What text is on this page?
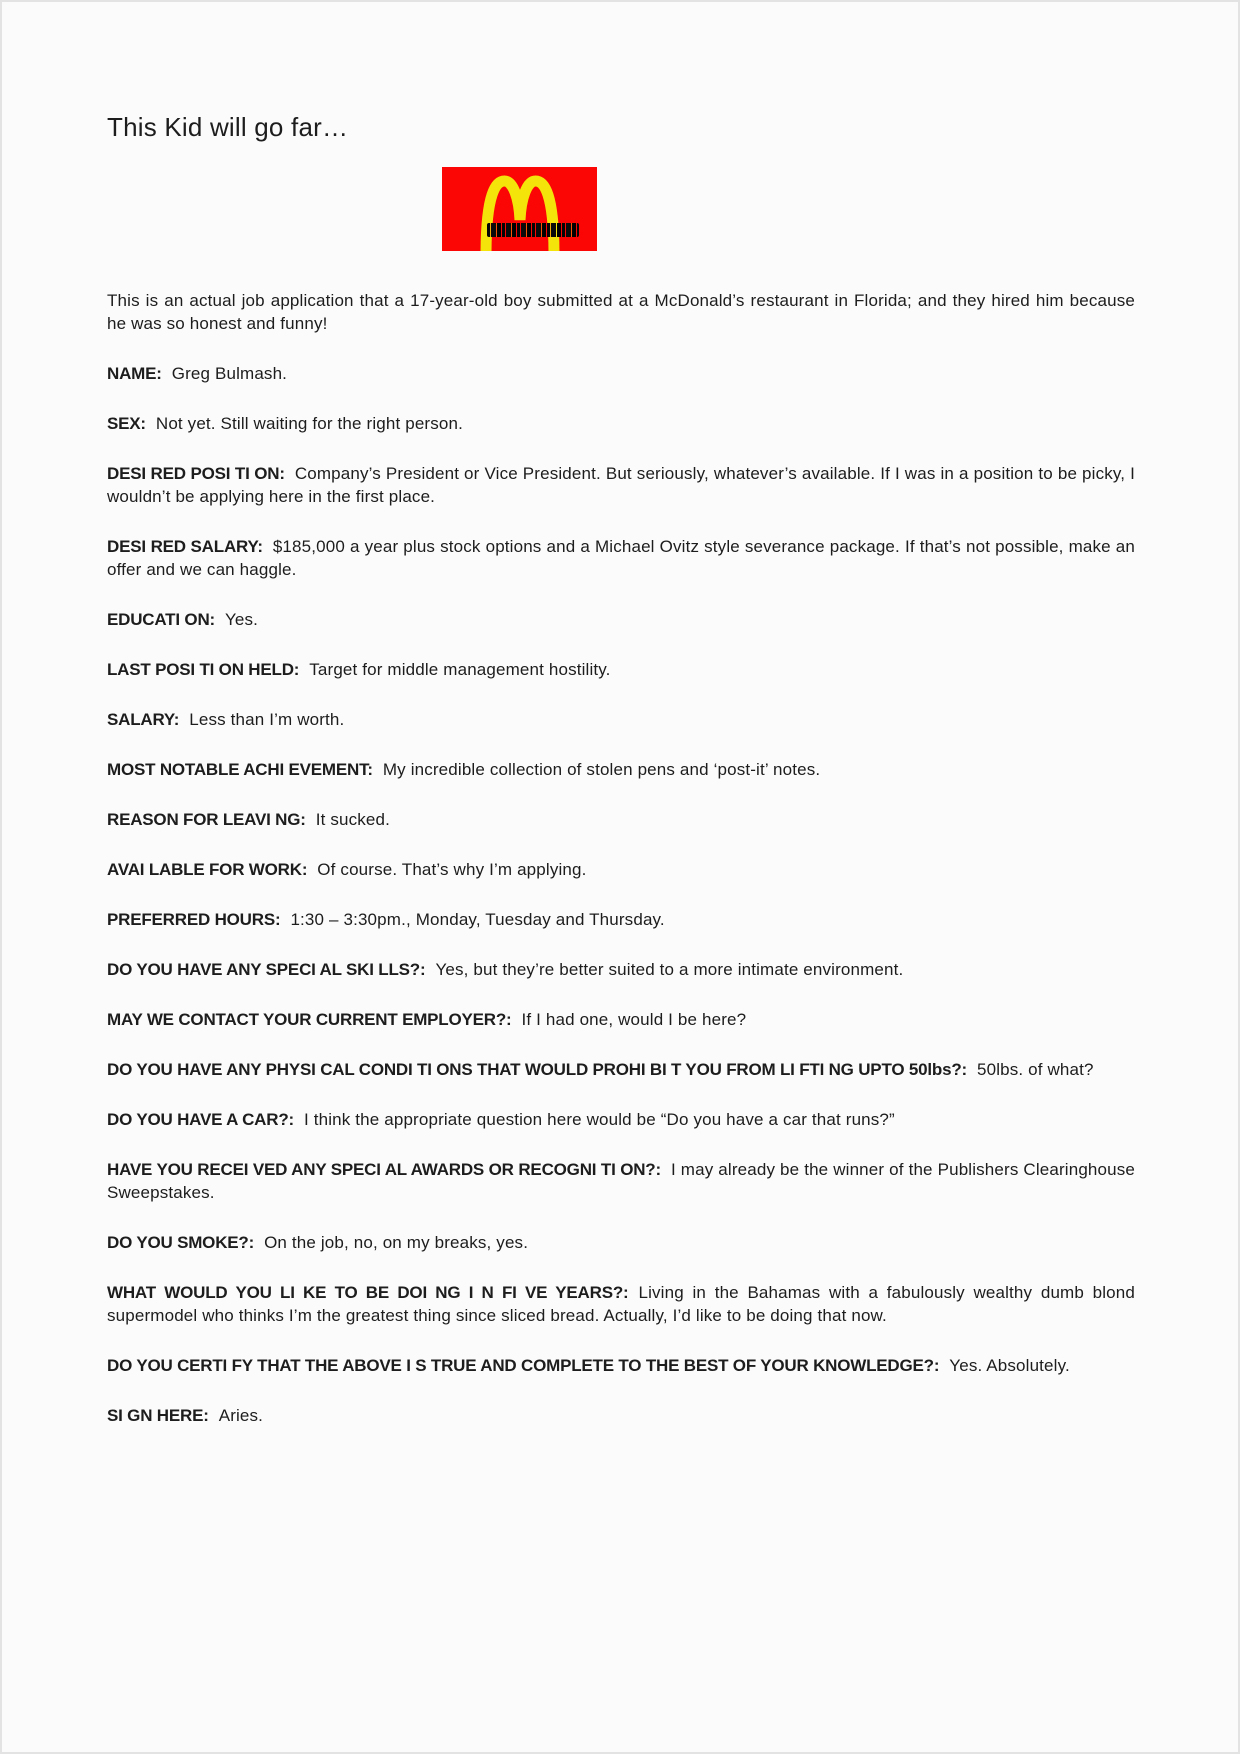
This Kid will go far…

This is an actual job application that a 17-year-old boy submitted at a McDonald’s restaurant in Florida; and they hired him because he was so honest and funny!

NAME: Greg Bulmash.

SEX: Not yet. Still waiting for the right person.

DESI RED POSI TI ON: Company’s President or Vice President. But seriously, whatever’s available. If I was in a position to be picky, I wouldn’t be applying here in the first place.

DESI RED SALARY: $185,000 a year plus stock options and a Michael Ovitz style severance package. If that’s not possible, make an offer and we can haggle.

EDUCATI ON: Yes.

LAST POSI TI ON HELD: Target for middle management hostility.

SALARY: Less than I’m worth.

MOST NOTABLE ACHI EVEMENT: My incredible collection of stolen pens and ‘post-it’ notes.

REASON FOR LEAVI NG: It sucked.

AVAI LABLE FOR WORK: Of course. That’s why I’m applying.

PREFERRED HOURS: 1:30 – 3:30pm., Monday, Tuesday and Thursday.

DO YOU HAVE ANY SPECI AL SKI LLS?: Yes, but they’re better suited to a more intimate environment.

MAY WE CONTACT YOUR CURRENT EMPLOYER?: If I had one, would I be here?

DO YOU HAVE ANY PHYSI CAL CONDI TI ONS THAT WOULD PROHI BI T YOU FROM LI FTI NG UPTO 50lbs?: 50lbs. of what?

DO YOU HAVE A CAR?: I think the appropriate question here would be “Do you have a car that runs?”

HAVE YOU RECEI VED ANY SPECI AL AWARDS OR RECOGNI TI ON?: I may already be the winner of the Publishers Clearinghouse Sweepstakes.

DO YOU SMOKE?: On the job, no, on my breaks, yes.

WHAT WOULD YOU LI KE TO BE DOI NG I N FI VE YEARS?: Living in the Bahamas with a fabulously wealthy dumb blond supermodel who thinks I’m the greatest thing since sliced bread. Actually, I’d like to be doing that now.

DO YOU CERTI FY THAT THE ABOVE I S TRUE AND COMPLETE TO THE BEST OF YOUR KNOWLEDGE?: Yes. Absolutely.

SI GN HERE: Aries.
